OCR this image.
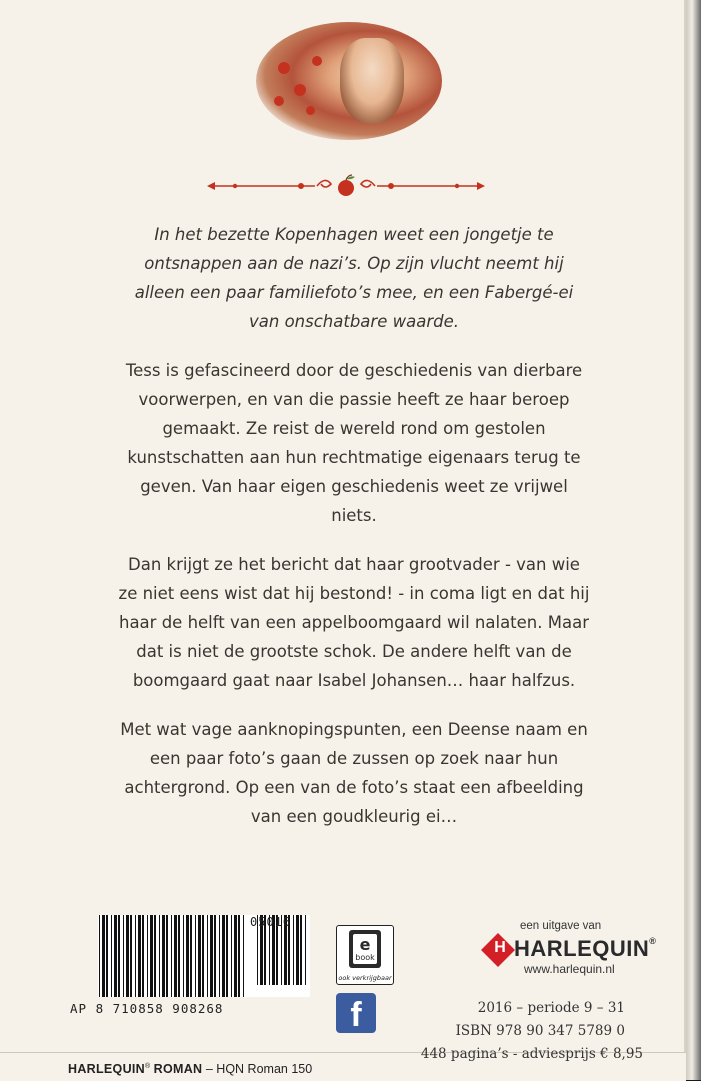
In het bezette Kopenhagen weet een jongetje te ontsnappen aan de nazi’s. Op zijn vlucht neemt hij alleen een paar familiefoto’s mee, en een Fabergé-ei van onschatbare waarde.

Tess is gefascineerd door de geschiedenis van dierbare voorwerpen, en van die passie heeft ze haar beroep gemaakt. Ze reist de wereld rond om gestolen kunstschatten aan hun rechtmatige eigenaars terug te geven. Van haar eigen geschiedenis weet ze vrijwel niets.

Dan krijgt ze het bericht dat haar grootvader - van wie ze niet eens wist dat hij bestond! - in coma ligt en dat hij haar de helft van een appelboomgaard wil nalaten. Maar dat is niet de grootste schok. De andere helft van de boomgaard gaat naar Isabel Johansen… haar halfzus.

Met wat vage aanknopingspunten, een Deense naam en een paar foto’s gaan de zussen op zoek naar hun achtergrond. Op een van de foto’s staat een afbeelding van een goudkleurig ei…

05016
AP 8 710858 908268
e
book
ook verkrijgbaar
f
een uitgave van
H HARLEQUIN®
www.harlequin.nl
2016 – periode 9 – 31
ISBN 978 90 347 5789 0
448 pagina’s - adviesprijs € 8,95
HARLEQUIN® ROMAN – HQN Roman 150
